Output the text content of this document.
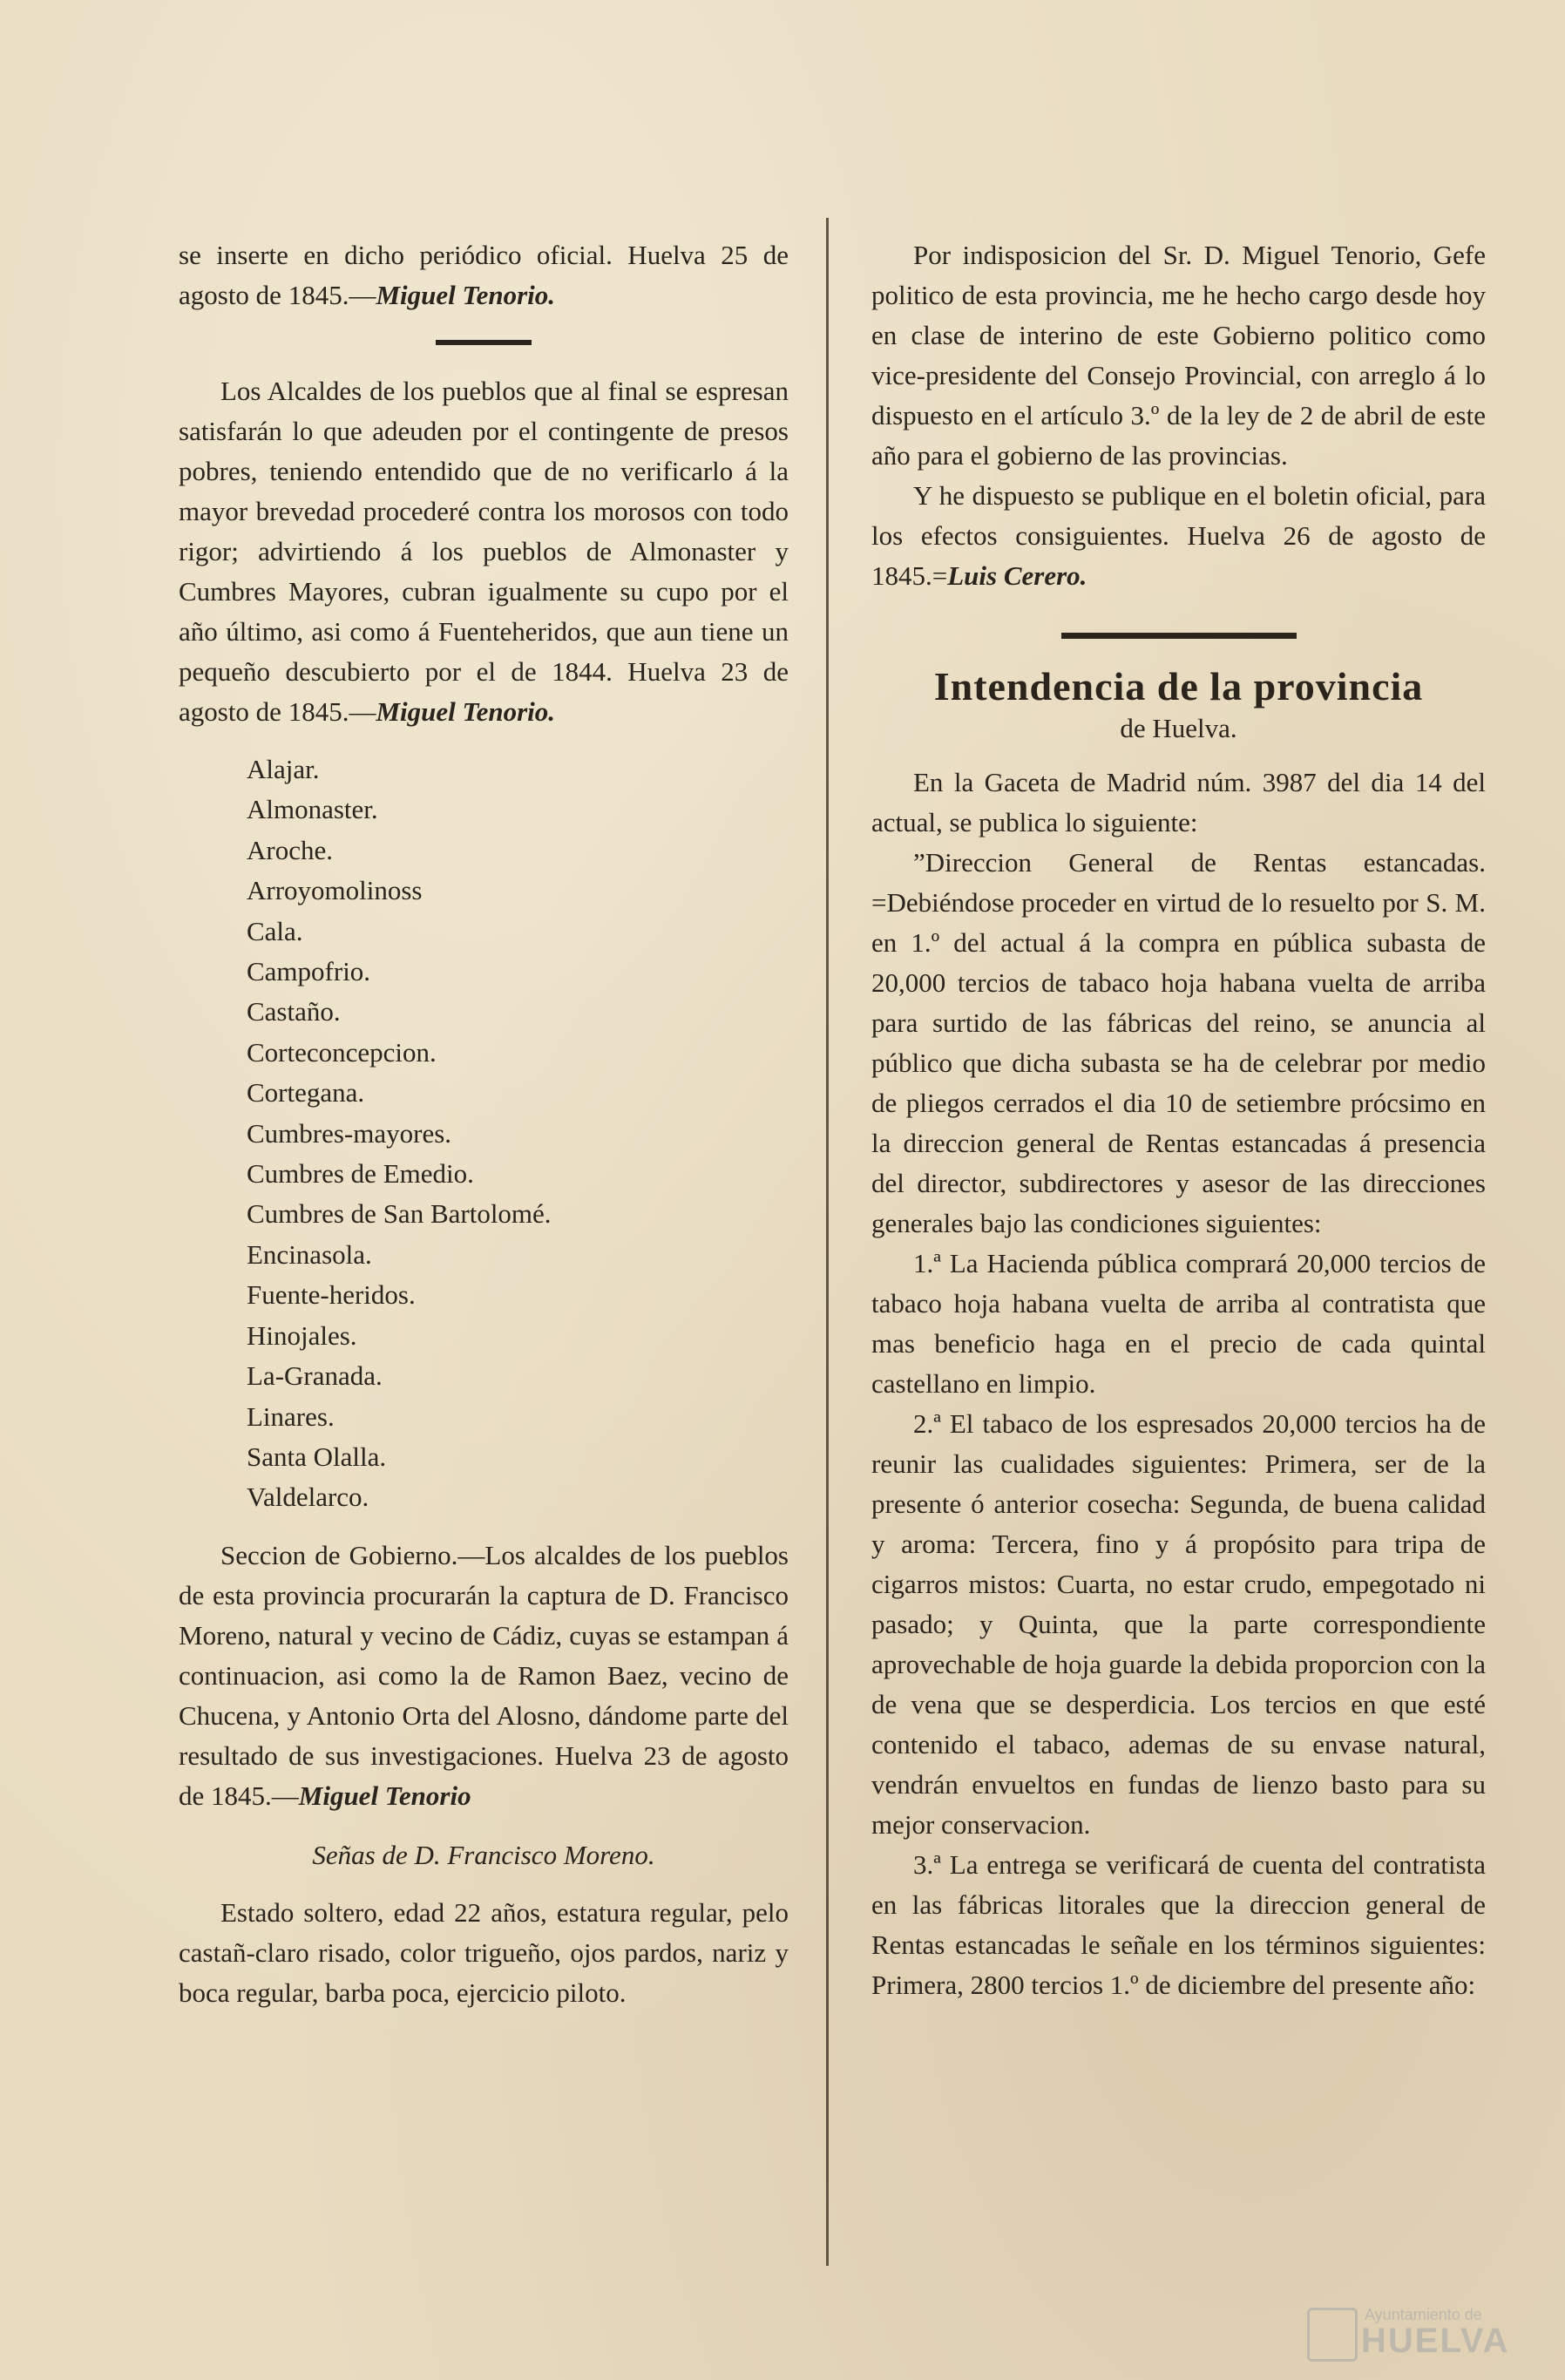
se inserte en dicho periódico oficial. Huelva 25 de agosto de 1845.—Miguel Tenorio.

Los Alcaldes de los pueblos que al final se espresan satisfarán lo que adeuden por el contingente de presos pobres, teniendo entendido que de no verificarlo á la mayor brevedad procederé contra los morosos con todo rigor; advirtiendo á los pueblos de Almonaster y Cumbres Mayores, cubran igualmente su cupo por el año último, asi como á Fuenteheridos, que aun tiene un pequeño descubierto por el de 1844. Huelva 23 de agosto de 1845.—Miguel Tenorio.

Alajar.
Almonaster.
Aroche.
Arroyomolinoss
Cala.
Campofrio.
Castaño.
Corteconcepcion.
Cortegana.
Cumbres-mayores.
Cumbres de Emedio.
Cumbres de San Bartolomé.
Encinasola.
Fuente-heridos.
Hinojales.
La-Granada.
Linares.
Santa Olalla.
Valdelarco.

Seccion de Gobierno.—Los alcaldes de los pueblos de esta provincia procurarán la captura de D. Francisco Moreno, natural y vecino de Cádiz, cuyas se estampan á continuacion, asi como la de Ramon Baez, vecino de Chucena, y Antonio Orta del Alosno, dándome parte del resultado de sus investigaciones. Huelva 23 de agosto de 1845.—Miguel Tenorio

Señas de D. Francisco Moreno.

Estado soltero, edad 22 años, estatura regular, pelo castañ-claro risado, color trigueño, ojos pardos, nariz y boca regular, barba poca, ejercicio piloto.

Por indisposicion del Sr. D. Miguel Tenorio, Gefe politico de esta provincia, me he hecho cargo desde hoy en clase de interino de este Gobierno politico como vice-presidente del Consejo Provincial, con arreglo á lo dispuesto en el artículo 3.º de la ley de 2 de abril de este año para el gobierno de las provincias.

Y he dispuesto se publique en el boletin oficial, para los efectos consiguientes. Huelva 26 de agosto de 1845.=Luis Cerero.

Intendencia de la provincia
de Huelva.

En la Gaceta de Madrid núm. 3987 del dia 14 del actual, se publica lo siguiente:

”Direccion General de Rentas estancadas. =Debiéndose proceder en virtud de lo resuelto por S. M. en 1.º del actual á la compra en pública subasta de 20,000 tercios de tabaco hoja habana vuelta de arriba para surtido de las fábricas del reino, se anuncia al público que dicha subasta se ha de celebrar por medio de pliegos cerrados el dia 10 de setiembre prócsimo en la direccion general de Rentas estancadas á presencia del director, subdirectores y asesor de las direcciones generales bajo las condiciones siguientes:

1.ª La Hacienda pública comprará 20,000 tercios de tabaco hoja habana vuelta de arriba al contratista que mas beneficio haga en el precio de cada quintal castellano en limpio.

2.ª El tabaco de los espresados 20,000 tercios ha de reunir las cualidades siguientes: Primera, ser de la presente ó anterior cosecha: Segunda, de buena calidad y aroma: Tercera, fino y á propósito para tripa de cigarros mistos: Cuarta, no estar crudo, empegotado ni pasado; y Quinta, que la parte correspondiente aprovechable de hoja guarde la debida proporcion con la de vena que se desperdicia. Los tercios en que esté contenido el tabaco, ademas de su envase natural, vendrán envueltos en fundas de lienzo basto para su mejor conservacion.

3.ª La entrega se verificará de cuenta del contratista en las fábricas litorales que la direccion general de Rentas estancadas le señale en los términos siguientes: Primera, 2800 tercios 1.º de diciembre del presente año:

Ayuntamiento de
HUELVA
